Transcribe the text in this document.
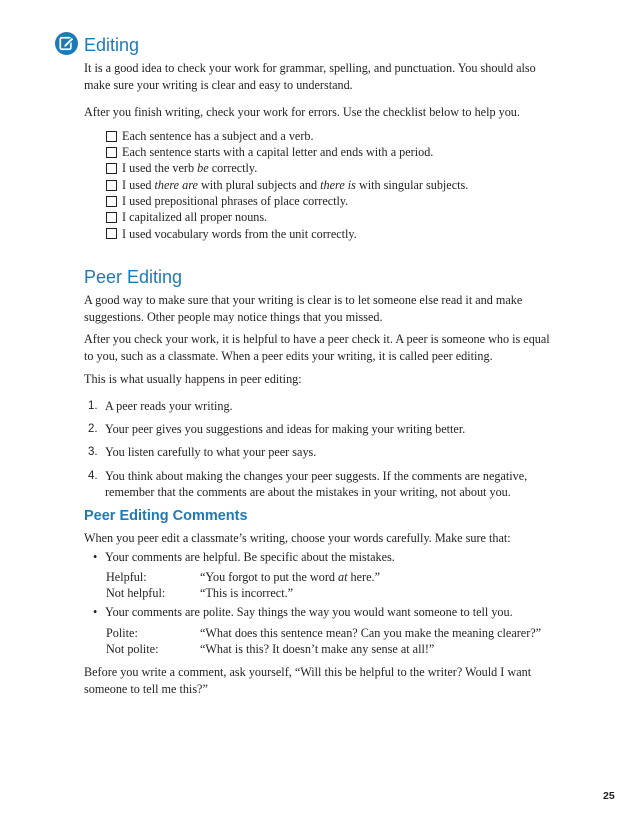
Editing

It is a good idea to check your work for grammar, spelling, and punctuation. You should also make sure your writing is clear and easy to understand.

After you finish writing, check your work for errors. Use the checklist below to help you.

Each sentence has a subject and a verb.
Each sentence starts with a capital letter and ends with a period.
I used the verb be correctly.
I used there are with plural subjects and there is with singular subjects.
I used prepositional phrases of place correctly.
I capitalized all proper nouns.
I used vocabulary words from the unit correctly.
Peer Editing

A good way to make sure that your writing is clear is to let someone else read it and make suggestions. Other people may notice things that you missed.

After you check your work, it is helpful to have a peer check it. A peer is someone who is equal to you, such as a classmate. When a peer edits your writing, it is called peer editing.

This is what usually happens in peer editing:

1. A peer reads your writing.
2. Your peer gives you suggestions and ideas for making your writing better.
3. You listen carefully to what your peer says.
4. You think about making the changes your peer suggests. If the comments are negative, remember that the comments are about the mistakes in your writing, not about you.
Peer Editing Comments

When you peer edit a classmate’s writing, choose your words carefully. Make sure that:

• Your comments are helpful. Be specific about the mistakes.
Helpful:	“You forgot to put the word at here.”
Not helpful:	“This is incorrect.”
• Your comments are polite. Say things the way you would want someone to tell you.
Polite:	“What does this sentence mean? Can you make the meaning clearer?”
Not polite:	“What is this? It doesn’t make any sense at all!”

Before you write a comment, ask yourself, “Will this be helpful to the writer? Would I want someone to tell me this?”

25
